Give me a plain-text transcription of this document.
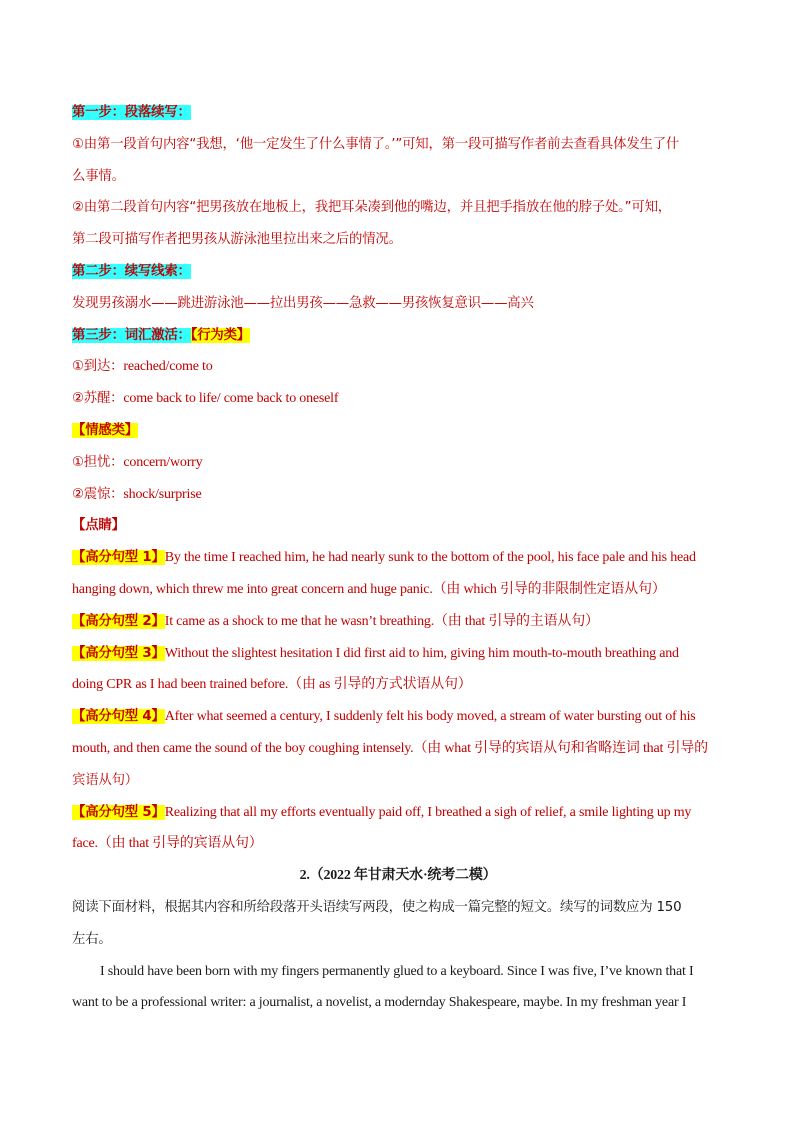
第一步：段落续写：
①由第一段首句内容“我想，‘他一定发生了什么事情了。’”可知，第一段可描写作者前去查看具体发生了什
么事情。
②由第二段首句内容“把男孩放在地板上，我把耳朵凑到他的嘴边，并且把手指放在他的脖子处。”可知，
第二段可描写作者把男孩从游泳池里拉出来之后的情况。
第二步：续写线索：
发现男孩溺水——跳进游泳池——拉出男孩——急救——男孩恢复意识——高兴
第三步：词汇激活：【行为类】
①到达：reached/come to
②苏醒：come back to life/ come back to oneself
【情感类】
①担忧：concern/worry
②震惊：shock/surprise
【点睛】
【高分句型 1】By the time I reached him, he had nearly sunk to the bottom of the pool, his face pale and his head
hanging down, which threw me into great concern and huge panic.（由 which 引导的非限制性定语从句）
【高分句型 2】It came as a shock to me that he wasn’t breathing.（由 that 引导的主语从句）
【高分句型 3】Without the slightest hesitation I did first aid to him, giving him mouth-to-mouth breathing and
doing CPR as I had been trained before.（由 as 引导的方式状语从句）
【高分句型 4】After what seemed a century, I suddenly felt his body moved, a stream of water bursting out of his
mouth, and then came the sound of the boy coughing intensely.（由 what 引导的宾语从句和省略连词 that 引导的
宾语从句）
【高分句型 5】Realizing that all my efforts eventually paid off, I breathed a sigh of relief, a smile lighting up my
face.（由 that 引导的宾语从句）
2.（2022 年甘肃天水·统考二模）
阅读下面材料，根据其内容和所给段落开头语续写两段，使之构成一篇完整的短文。续写的词数应为 150
左右。
I should have been born with my fingers permanently glued to a keyboard. Since I was five, I’ve known that I
want to be a professional writer: a journalist, a novelist, a modernday Shakespeare, maybe. In my freshman year I
